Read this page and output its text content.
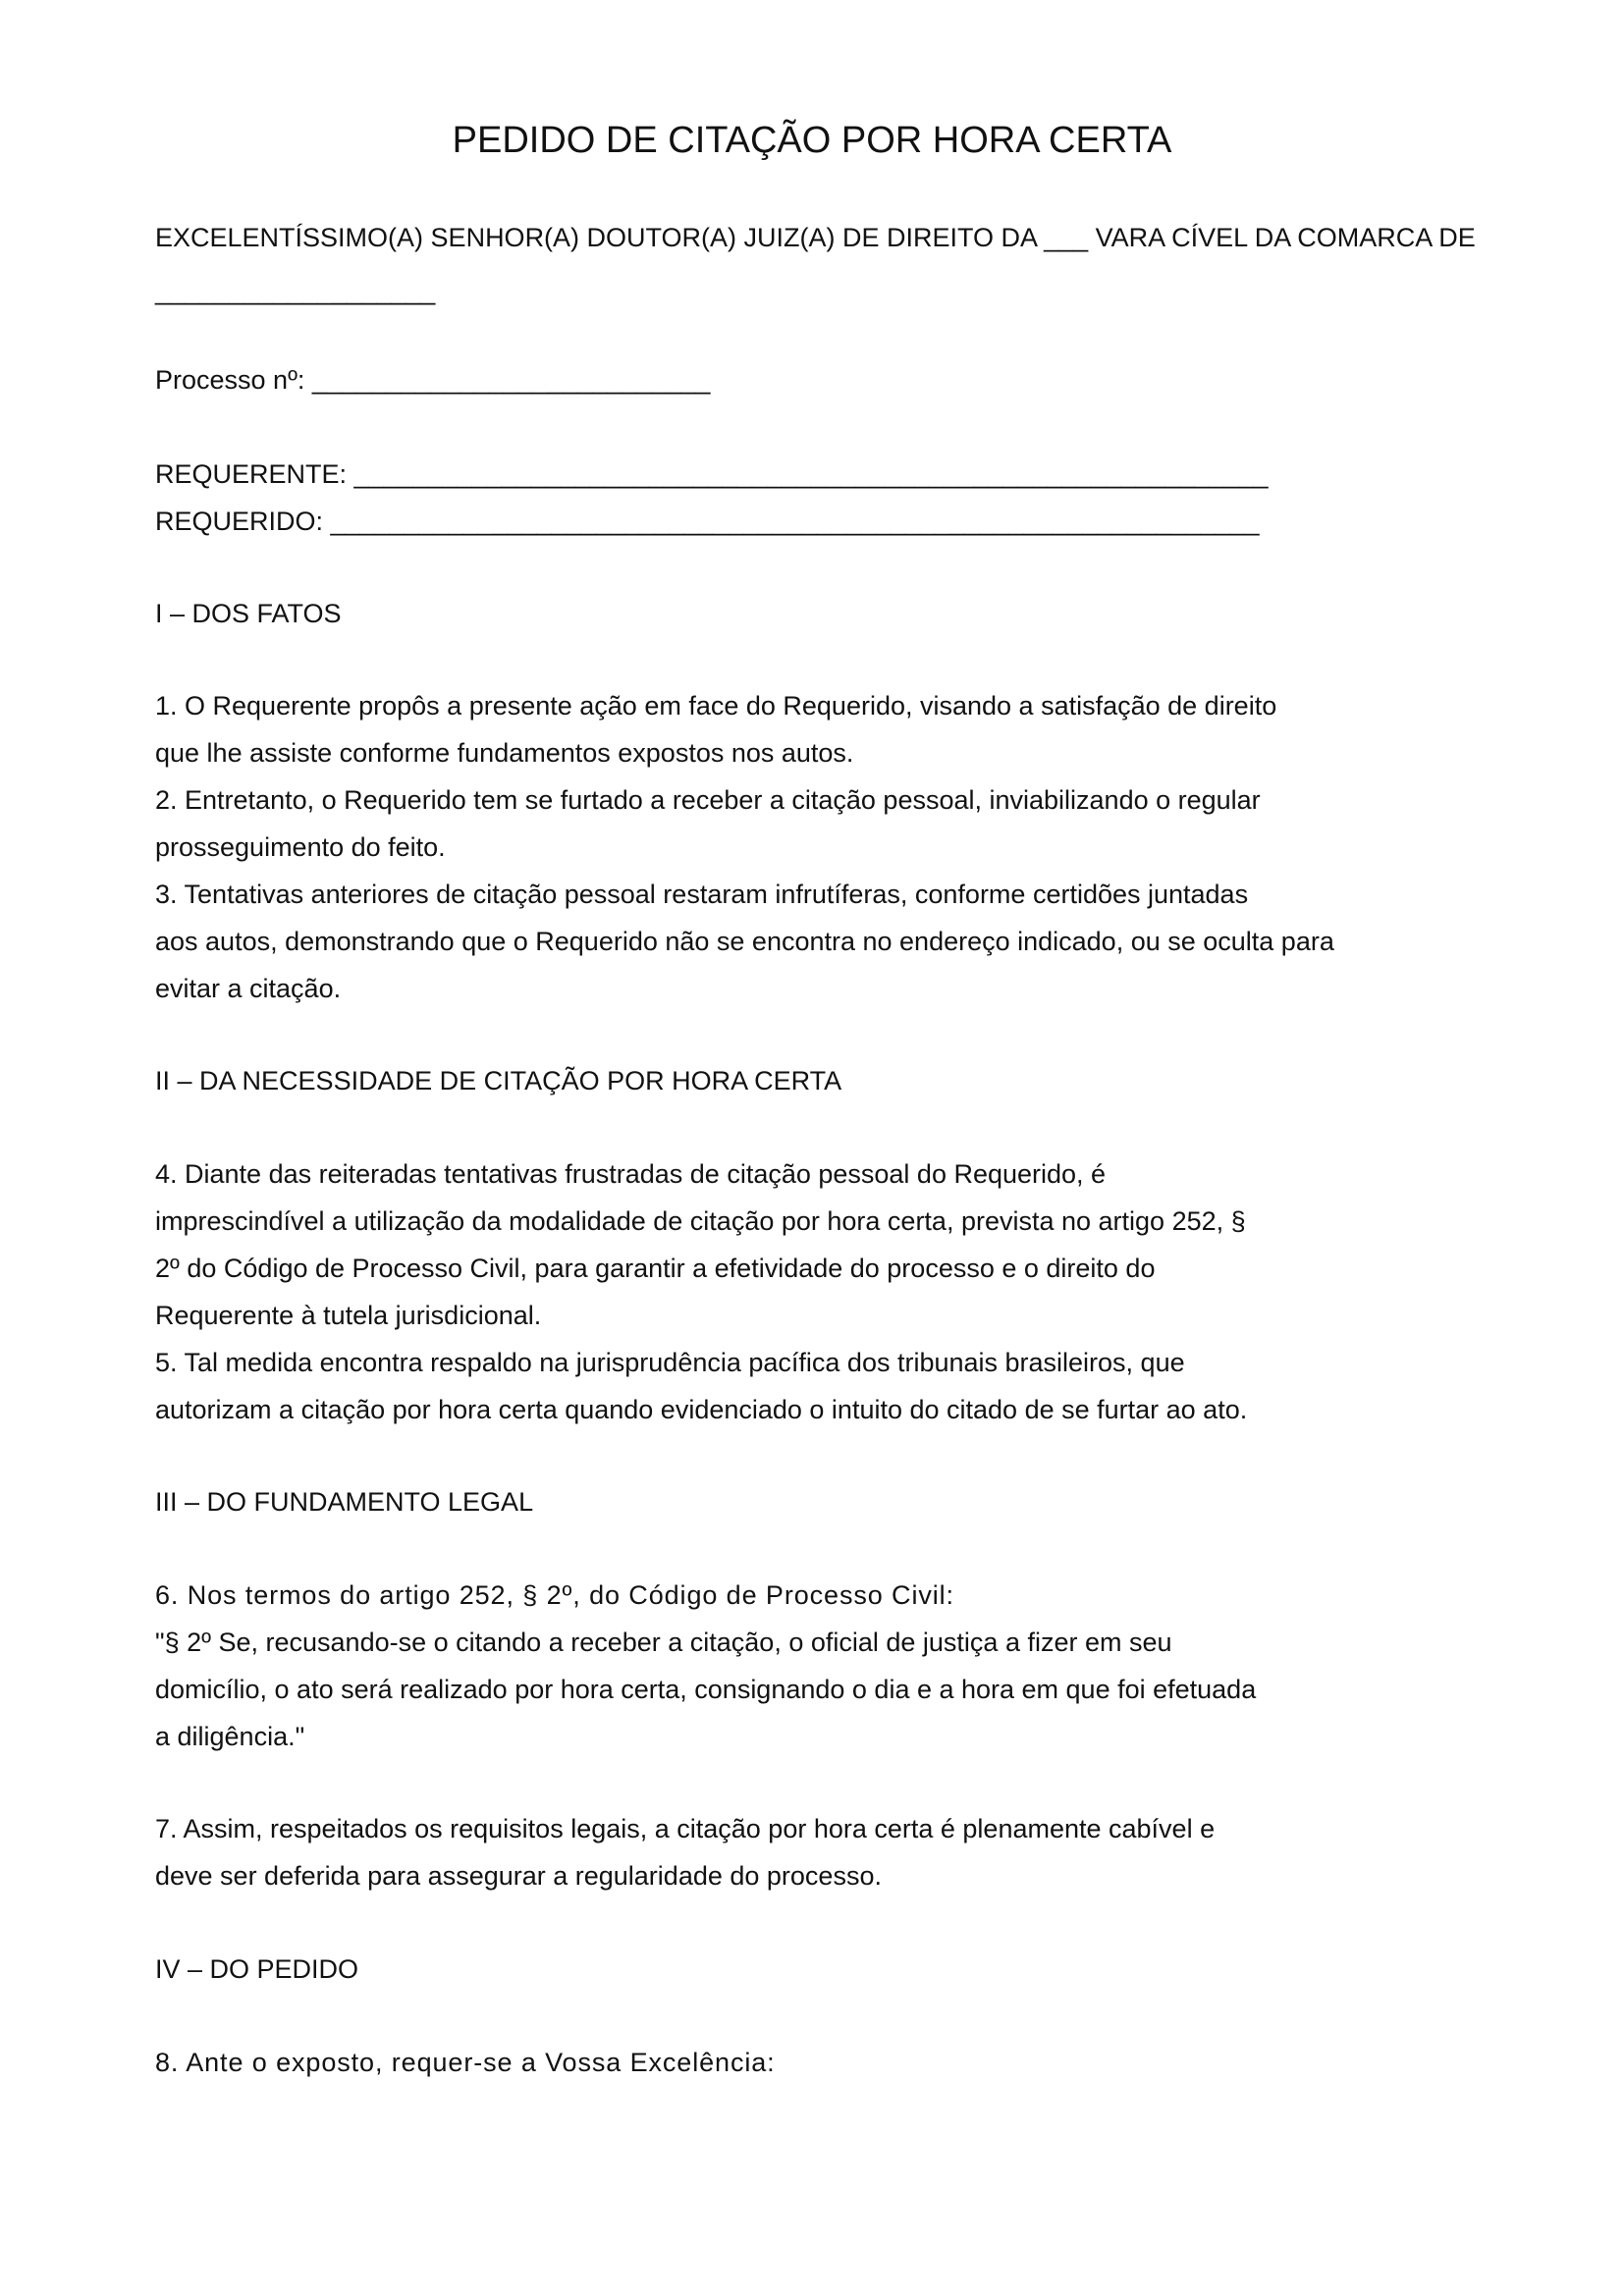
PEDIDO DE CITAÇÃO POR HORA CERTA
EXCELENTÍSSIMO(A) SENHOR(A) DOUTOR(A) JUIZ(A) DE DIREITO DA ___ VARA CÍVEL DA COMARCA DE
___________________
Processo nº: ___________________________
REQUERENTE: ______________________________________________________________
REQUERIDO: _______________________________________________________________
I – DOS FATOS
1. O Requerente propôs a presente ação em face do Requerido, visando a satisfação de direito
que lhe assiste conforme fundamentos expostos nos autos.
2. Entretanto, o Requerido tem se furtado a receber a citação pessoal, inviabilizando o regular
prosseguimento do feito.
3. Tentativas anteriores de citação pessoal restaram infrutíferas, conforme certidões juntadas
aos autos, demonstrando que o Requerido não se encontra no endereço indicado, ou se oculta para
evitar a citação.
II – DA NECESSIDADE DE CITAÇÃO POR HORA CERTA
4. Diante das reiteradas tentativas frustradas de citação pessoal do Requerido, é
imprescindível a utilização da modalidade de citação por hora certa, prevista no artigo 252, §
2º do Código de Processo Civil, para garantir a efetividade do processo e o direito do
Requerente à tutela jurisdicional.
5. Tal medida encontra respaldo na jurisprudência pacífica dos tribunais brasileiros, que
autorizam a citação por hora certa quando evidenciado o intuito do citado de se furtar ao ato.
III – DO FUNDAMENTO LEGAL
6. Nos termos do artigo 252, § 2º, do Código de Processo Civil:
"§ 2º Se, recusando-se o citando a receber a citação, o oficial de justiça a fizer em seu
domicílio, o ato será realizado por hora certa, consignando o dia e a hora em que foi efetuada
a diligência."
7. Assim, respeitados os requisitos legais, a citação por hora certa é plenamente cabível e
deve ser deferida para assegurar a regularidade do processo.
IV – DO PEDIDO
8. Ante o exposto, requer-se a Vossa Excelência:
